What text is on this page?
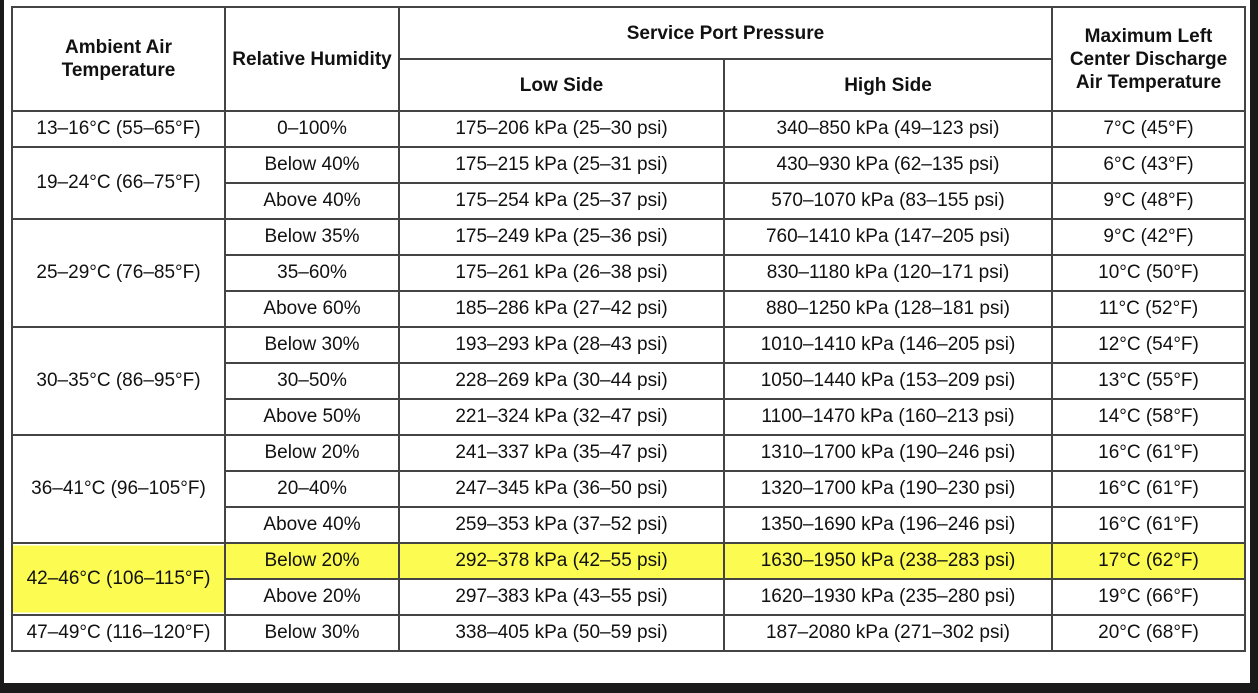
Ambient Air Temperature	Relative Humidity	Service Port Pressure		Maximum Left Center Discharge Air Temperature
		Low Side	High Side	
13–16°C (55–65°F)	0–100%	175–206 kPa (25–30 psi)	340–850 kPa (49–123 psi)	7°C (45°F)
19–24°C (66–75°F)	Below 40%	175–215 kPa (25–31 psi)	430–930 kPa (62–135 psi)	6°C (43°F)
	Above 40%	175–254 kPa (25–37 psi)	570–1070 kPa (83–155 psi)	9°C (48°F)
25–29°C (76–85°F)	Below 35%	175–249 kPa (25–36 psi)	760–1410 kPa (147–205 psi)	9°C (42°F)
	35–60%	175–261 kPa (26–38 psi)	830–1180 kPa (120–171 psi)	10°C (50°F)
	Above 60%	185–286 kPa (27–42 psi)	880–1250 kPa (128–181 psi)	11°C (52°F)
30–35°C (86–95°F)	Below 30%	193–293 kPa (28–43 psi)	1010–1410 kPa (146–205 psi)	12°C (54°F)
	30–50%	228–269 kPa (30–44 psi)	1050–1440 kPa (153–209 psi)	13°C (55°F)
	Above 50%	221–324 kPa (32–47 psi)	1100–1470 kPa (160–213 psi)	14°C (58°F)
36–41°C (96–105°F)	Below 20%	241–337 kPa (35–47 psi)	1310–1700 kPa (190–246 psi)	16°C (61°F)
	20–40%	247–345 kPa (36–50 psi)	1320–1700 kPa (190–230 psi)	16°C (61°F)
	Above 40%	259–353 kPa (37–52 psi)	1350–1690 kPa (196–246 psi)	16°C (61°F)
42–46°C (106–115°F)	Below 20%	292–378 kPa (42–55 psi)	1630–1950 kPa (238–283 psi)	17°C (62°F)
	Above 20%	297–383 kPa (43–55 psi)	1620–1930 kPa (235–280 psi)	19°C (66°F)
47–49°C (116–120°F)	Below 30%	338–405 kPa (50–59 psi)	187–2080 kPa (271–302 psi)	20°C (68°F)
